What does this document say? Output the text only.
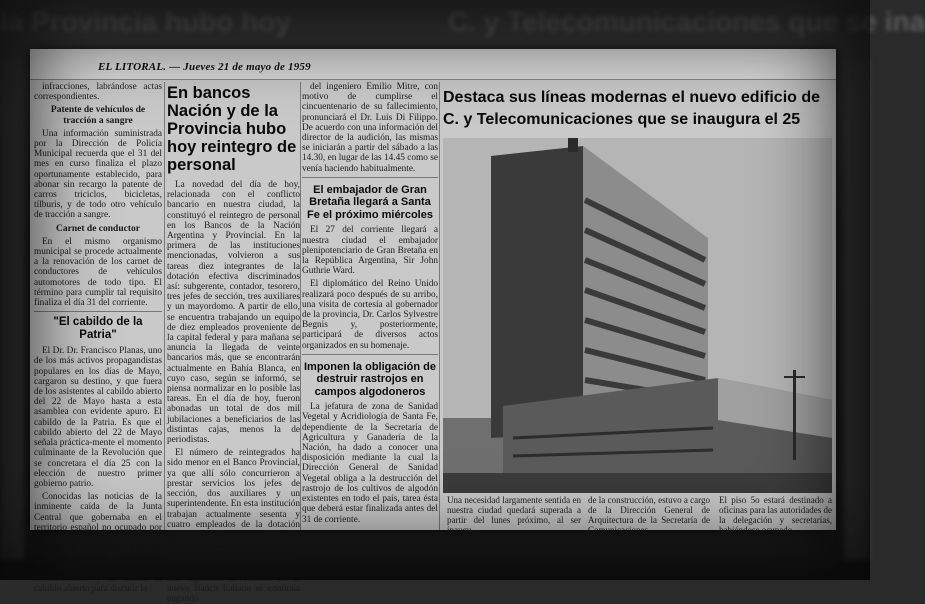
la Provincia hubo hoy	C. y Telecomunicaciones que se ina
EL LITORAL. — Jueves 21 de mayo de 1959

infracciones, labrándose actas correspondientes.

Patente de vehículos de tracción a sangre

Una información suministrada por la Dirección de Policía Municipal recuerda que el 31 del mes en curso finaliza el plazo oportunamente establecido, para abonar sin recargo la patente de carros triciclos, bicicletas, tílburis, y de todo otro vehículo de tracción a sangre.

Carnet de conductor

En el mismo organismo municipal se procede actualmente a la renovación de los carnet de conductores de vehículos automotores de todo tipo. El término para cumplir tal requisito finaliza el día 31 del corriente.

"El cabildo de la Patria"

El Dr. Dr. Francisco Planas, uno de los más activos propagandistas populares en los días de Mayo, cargaron su destino, y que fuera de los asistentes al cabildo abierto del 22 de Mayo hasta a esta asamblea con evidente apuro. El cabildo de la Patria. Es que el cabildo abierto del 22 de Mayo señala práctica-mente el momento culminante de la Revolución que se concretara el día 25 con la elección de nuestro primer gobierno patrio.

Conocidas las noticias de la inminente caída de la Junta Central que gobernaba en el territorio español no ocupado por las tropas napoleónicas en nombre de Fernando VII, los patriotas criollos resolvieron activar el movimiento revolucionario y se reunió el cabildo abierto para discutir la

En bancos Nación y de la Provincia hubo hoy reintegro de personal

La novedad del día de hoy, relacionada con el conflicto bancario en nuestra ciudad, la constituyó el reintegro de personal en los Bancos de la Nación Argentina y Provincial. En la primera de las instituciones mencionadas, volvieron a sus tareas diez integrantes de la dotación efectiva discriminados así: subgerente, contador, tesorero, tres jefes de sección, tres auxiliares y un mayordomo. A partir de ello, se encuentra trabajando un equipo de diez empleados proveniente de la capital federal y para mañana se anuncia la llegada de veinte bancarios más, que se encontrarán actualmente en Bahía Blanca, en cuyo caso, según se informó, se piensa normalizar en lo posible las tareas. En el día de hoy, fueron abonadas un total de dos mil jubilaciones a beneficiarios de las distintas cajas, menos la de periodistas.

El número de reintegrados ha sido menor en el Banco Provincial, ya que allí sólo concurrieron a prestar servicios los jefes de sección, dos auxiliares y un superintendente. En esta institución trabajan actualmente sesenta y cuatro empleados de la dotación efectiva, sobre un total de doscientos ochenta y ocho que componen la totalidad del personal.

En las demás instituciones no se han registrado novedades. En el nuevo Banco Italiano se continúa pagando

del ingeniero Emilio Mitre, con motivo de cumplirse el cincuentenario de su fallecimiento, pronunciará el Dr. Luis Di Filippo. De acuerdo con una información del director de la audición, las mismas se iniciarán a partir del sábado a las 14.30, en lugar de las 14.45 como se venía haciendo habitualmente.

El embajador de Gran Bretaña llegará a Santa Fe el próximo miércoles

El 27 del corriente llegará a nuestra ciudad el embajador plenipotenciario de Gran Bretaña en la República Argentina, Sir John Guthrie Ward.

El diplomático del Reino Unido realizará poco después de su arribo, una visita de cortesía al gobernador de la provincia, Dr. Carlos Sylvestre Begnis y, posteriormente, participará de diversos actos organizados en su homenaje.

Imponen la obligación de destruir rastrojos en campos algodoneros

La jefatura de zona de Sanidad Vegetal y Acridiología de Santa Fe, dependiente de la Secretaría de Agricultura y Ganadería de la Nación, ha dado a conocer una disposición mediante la cual la Dirección General de Sanidad Vegetal obliga a la destrucción del rastrojo de los cultivos de algodón existentes en todo el país, tarea ésta que deberá estar finalizada antes del 31 de corriente.

Destaca sus líneas modernas el nuevo edificio de C. y Telecomunicaciones que se inaugura el 25
Una necesidad largamente sentida en nuestra ciudad quedará superada a partir del lunes próximo, al ser inaugu-
de la construcción, estuvo a cargo de la Dirección General de Arquitectura de la Secretaría de Comunicaciones
El piso 5o estará destinado a oficinas para las autoridades de la delegación y secretarías, habiéndose ocupado
